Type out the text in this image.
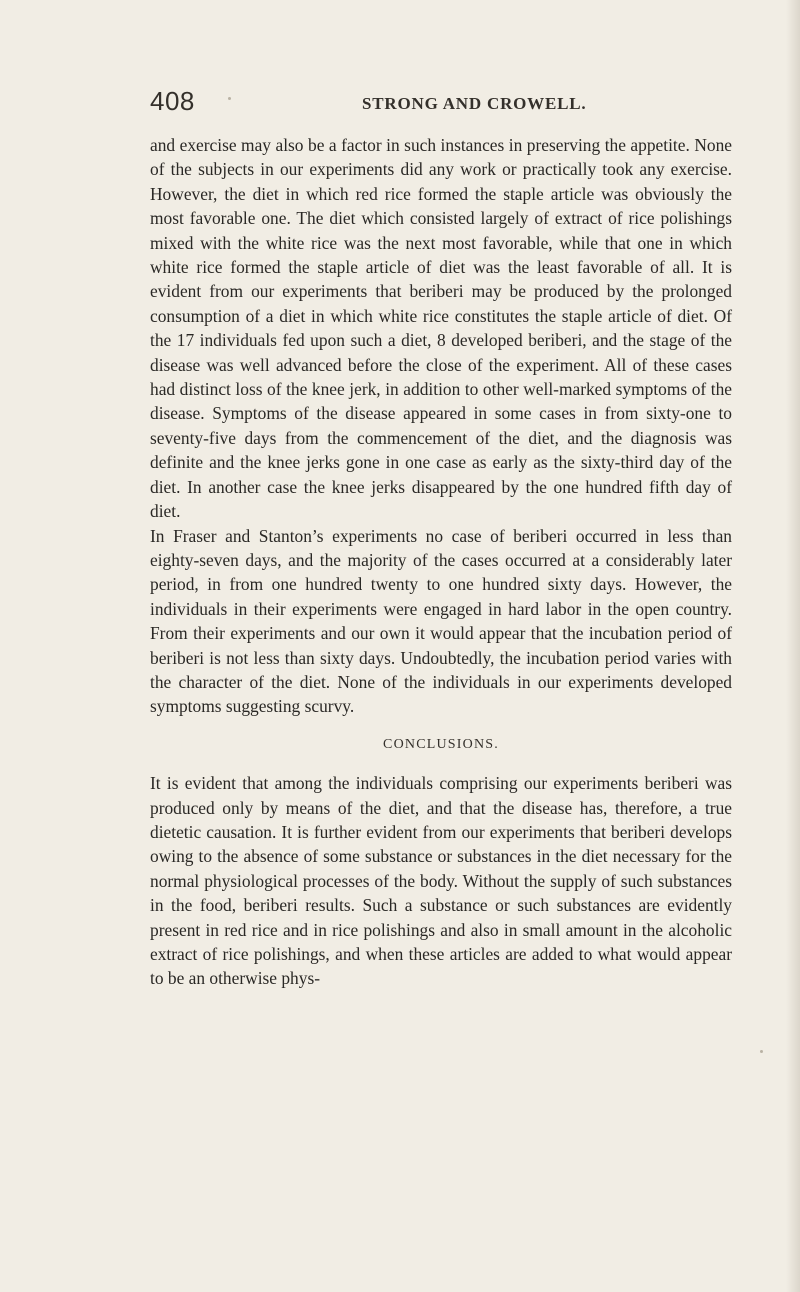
408	STRONG AND CROWELL.

and exercise may also be a factor in such instances in preserving the appetite. None of the subjects in our experiments did any work or practically took any exercise. However, the diet in which red rice formed the staple article was obviously the most favorable one. The diet which consisted largely of extract of rice polishings mixed with the white rice was the next most favorable, while that one in which white rice formed the staple article of diet was the least favorable of all. It is evident from our experiments that beriberi may be produced by the prolonged consumption of a diet in which white rice constitutes the staple article of diet. Of the 17 individuals fed upon such a diet, 8 developed beriberi, and the stage of the disease was well advanced before the close of the experiment. All of these cases had distinct loss of the knee jerk, in addition to other well-marked symptoms of the disease. Symptoms of the disease appeared in some cases in from sixty-one to seventy-five days from the commencement of the diet, and the diagnosis was definite and the knee jerks gone in one case as early as the sixty-third day of the diet. In another case the knee jerks disappeared by the one hundred fifth day of diet.

In Fraser and Stanton’s experiments no case of beriberi occurred in less than eighty-seven days, and the majority of the cases occurred at a considerably later period, in from one hundred twenty to one hundred sixty days. However, the individuals in their experiments were engaged in hard labor in the open country. From their experiments and our own it would appear that the incubation period of beriberi is not less than sixty days. Undoubtedly, the incubation period varies with the character of the diet. None of the individuals in our experiments developed symptoms suggesting scurvy.

CONCLUSIONS.

It is evident that among the individuals comprising our experiments beriberi was produced only by means of the diet, and that the disease has, therefore, a true dietetic causation. It is further evident from our experiments that beriberi develops owing to the absence of some substance or substances in the diet necessary for the normal physiological processes of the body. Without the supply of such substances in the food, beriberi results. Such a substance or such substances are evidently present in red rice and in rice polishings and also in small amount in the alcoholic extract of rice polishings, and when these articles are added to what would appear to be an otherwise phys-
